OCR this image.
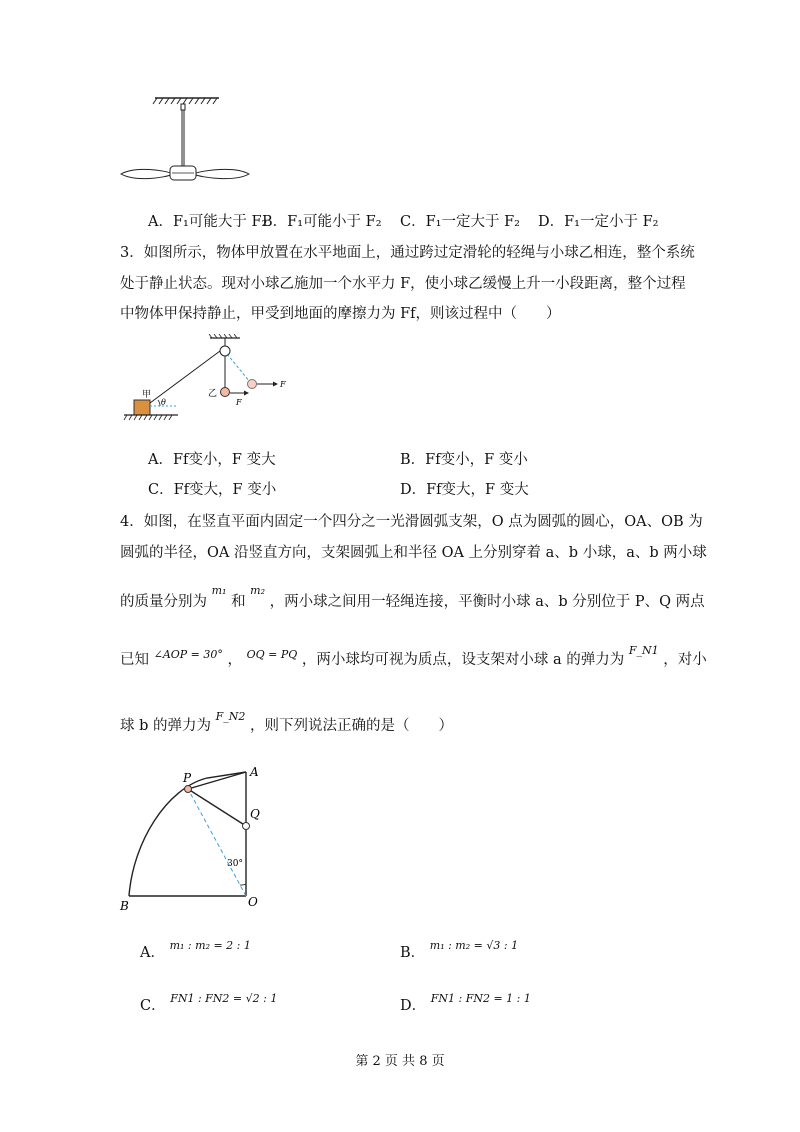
A．F₁可能大于 F₂
B．F₁可能小于 F₂ C．F₁一定大于 F₂ D．F₁一定小于 F₂
3．如图所示，物体甲放置在水平地面上，通过跨过定滑轮的轻绳与小球乙相连，整个系统
处于静止状态。现对小球乙施加一个水平力 F，使小球乙缓慢上升一小段距离，整个过程
中物体甲保持静止，甲受到地面的摩擦力为 Ff，则该过程中（　　）
F
F
乙
甲
θ
A．Ff变小，F 变大	B．Ff变小，F 变小
C．Ff变大，F 变小	D．Ff变大，F 变大
4．如图，在竖直平面内固定一个四分之一光滑圆弧支架，O 点为圆弧的圆心，OA、OB 为
圆弧的半径，OA 沿竖直方向，支架圆弧上和半径 OA 上分别穿着 a、b 小球，a、b 两小球
的质量分别为 $^{m_1}$ 和 $^{m_2}$ ，两小球之间用一轻绳连接，平衡时小球 a、b 分别位于 P、Q 两点
已知 $^{\angle AOP = 30^\circ}$ ， $^{OQ = PQ}$ ，两小球均可视为质点，设支架对小球 a 的弹力为 $^{F\_N1}$ ，对小
球 b 的弹力为 $^{F\_N2}$ ，则下列说法正确的是（　　）
30°
P	A
Q
O
B
A． m₁ : m₂ = 2 : 1	B． m₁ : m₂ = √3 : 1
C． FN1 : FN2 = √2 : 1	D． FN1 : FN2 = 1 : 1
第 2 页 共 8 页
